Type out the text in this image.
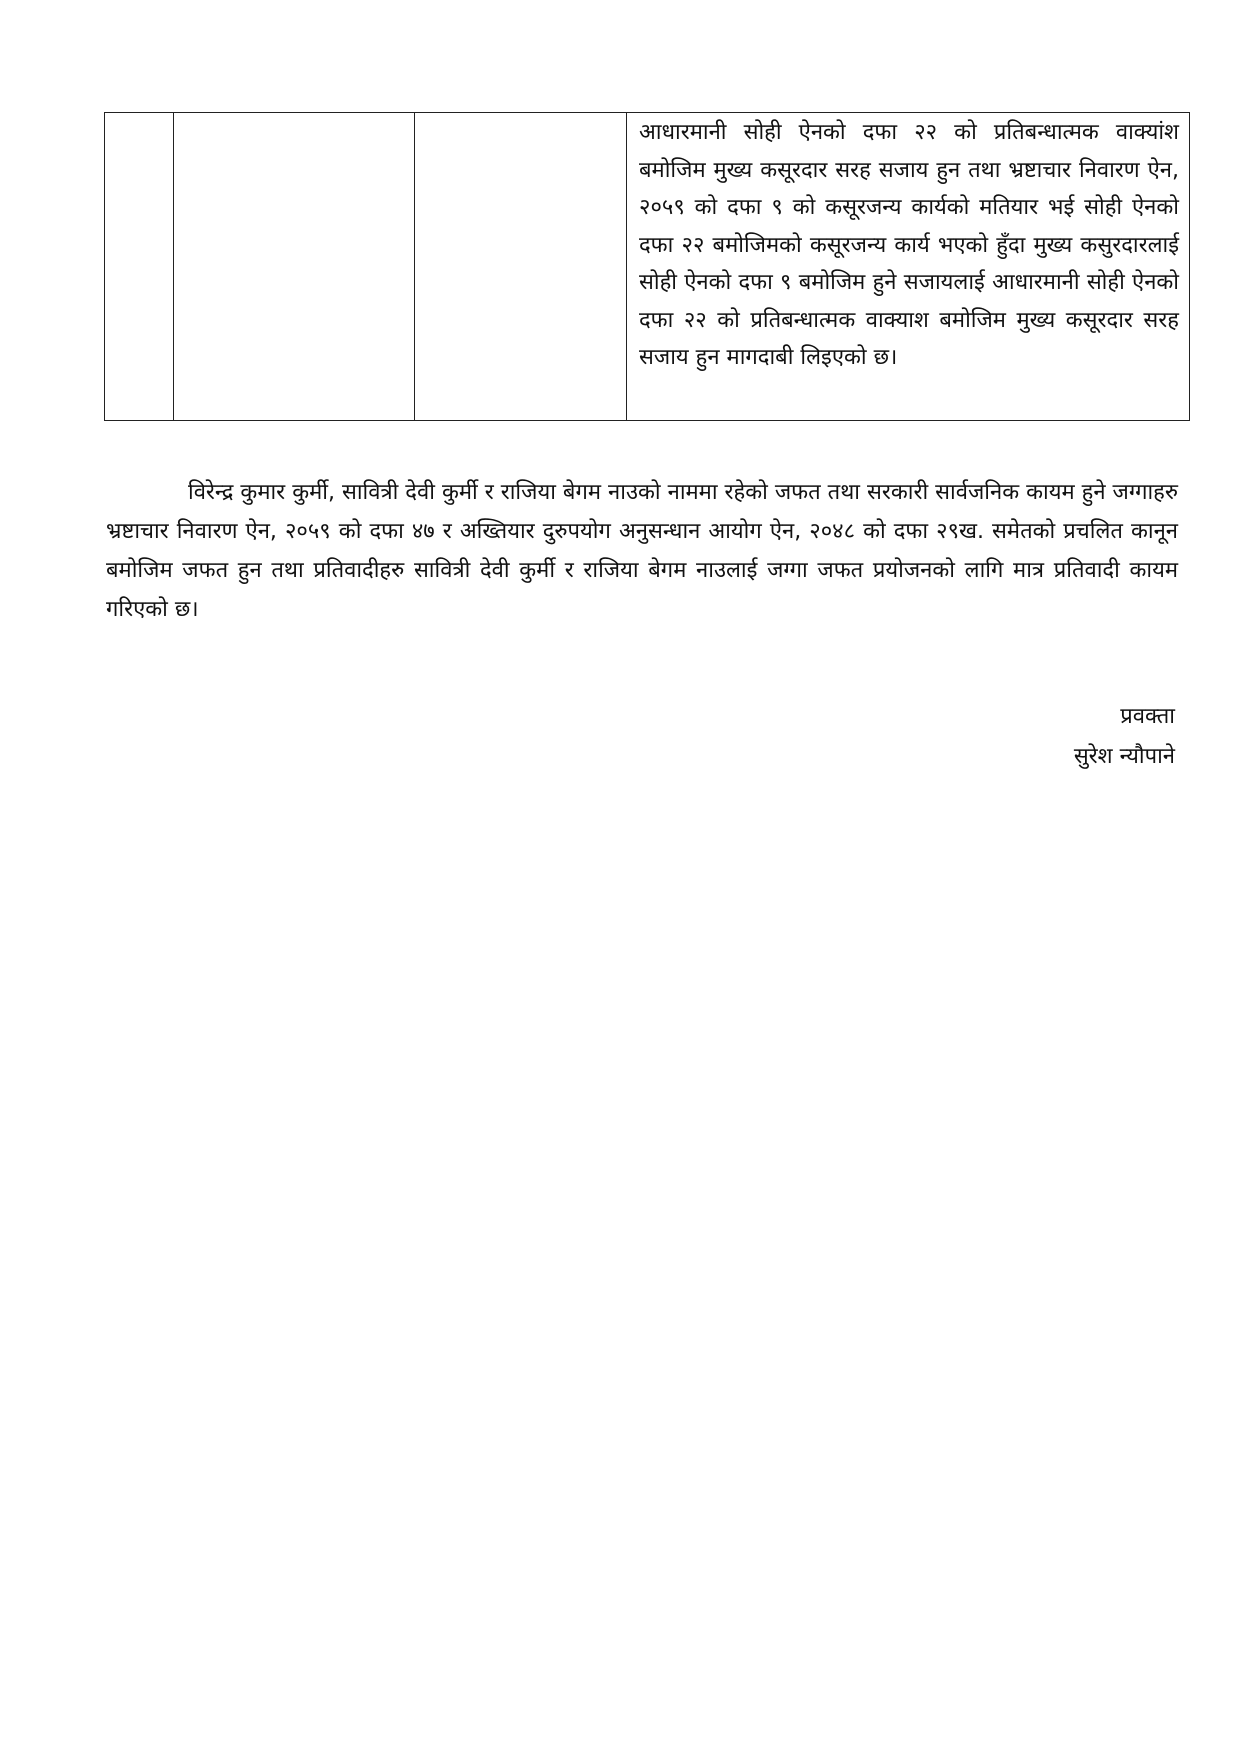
आधारमानी सोही ऐनको दफा २२ को प्रतिबन्धात्मक वाक्यांश बमोजिम मुख्य कसूरदार सरह सजाय हुन तथा भ्रष्टाचार निवारण ऐन, २०५९ को दफा ९ को कसूरजन्य कार्यको मतियार भई सोही ऐनको दफा २२ बमोजिमको कसूरजन्य कार्य भएको हुँदा मुख्य कसुरदारलाई सोही ऐनको दफा ९ बमोजिम हुने सजायलाई आधारमानी सोही ऐनको दफा २२ को प्रतिबन्धात्मक वाक्याश बमोजिम मुख्य कसूरदार सरह सजाय हुन मागदाबी लिइएको छ।

विरेन्द्र कुमार कुर्मी, सावित्री देवी कुर्मी र राजिया बेगम नाउको नाममा रहेको जफत तथा सरकारी सार्वजनिक कायम हुने जग्गाहरु भ्रष्टाचार निवारण ऐन, २०५९ को दफा ४७ र अख्तियार दुरुपयोग अनुसन्धान आयोग ऐन, २०४८ को दफा २९ख. समेतको प्रचलित कानून बमोजिम जफत हुन तथा प्रतिवादीहरु सावित्री देवी कुर्मी र राजिया बेगम नाउलाई जग्गा जफत प्रयोजनको लागि मात्र प्रतिवादी कायम गरिएको छ।

प्रवक्ता
सुरेश न्यौपाने
